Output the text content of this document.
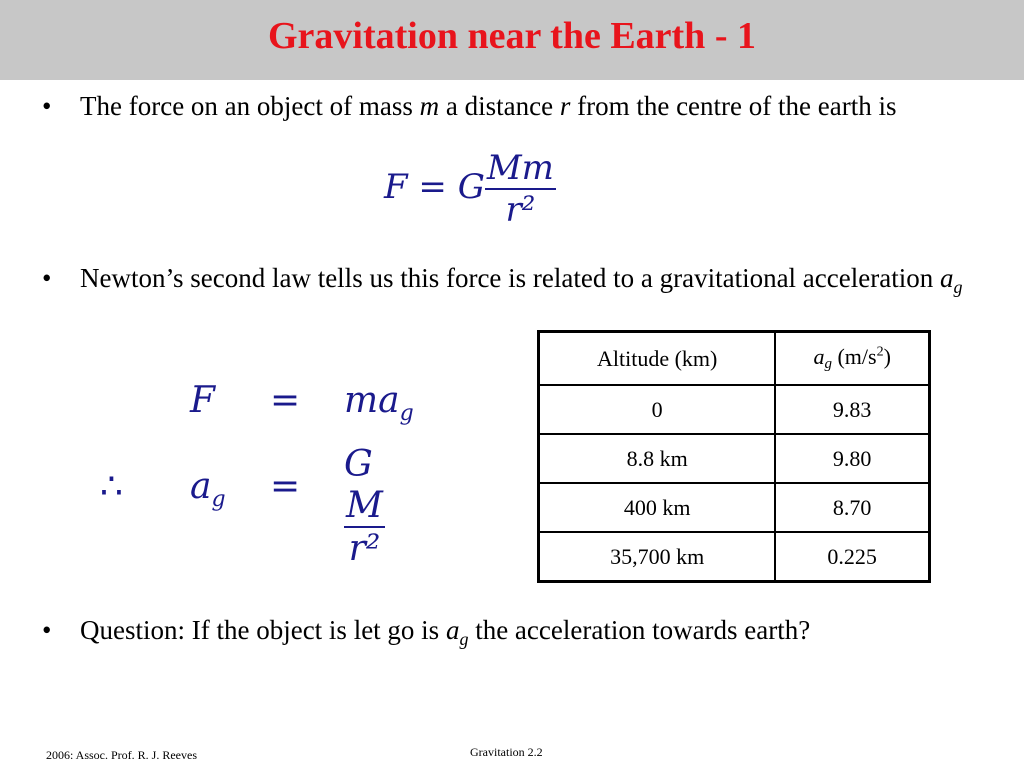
Gravitation near the Earth - 1
• The force on an object of mass m a distance r from the centre of the earth is
F = G $\frac{Mm}{\text{r²}}$
• Newton’s second law tells us this force is related to a gravitational acceleration $a_g$
$F = ma_g$
∴	$a_g$ =
G
$\frac{M}{\text{r²}}$
Altitude (km)	$a_g$ $(m/s^2)$
0	9.83
8.8 km	9.80
400 km	8.70
35,700 km	0.225
• Question: If the object is let go is $a_g$ the acceleration towards earth?
2006: Assoc. Prof. R. J. Reeves	Gravitation 2.2
